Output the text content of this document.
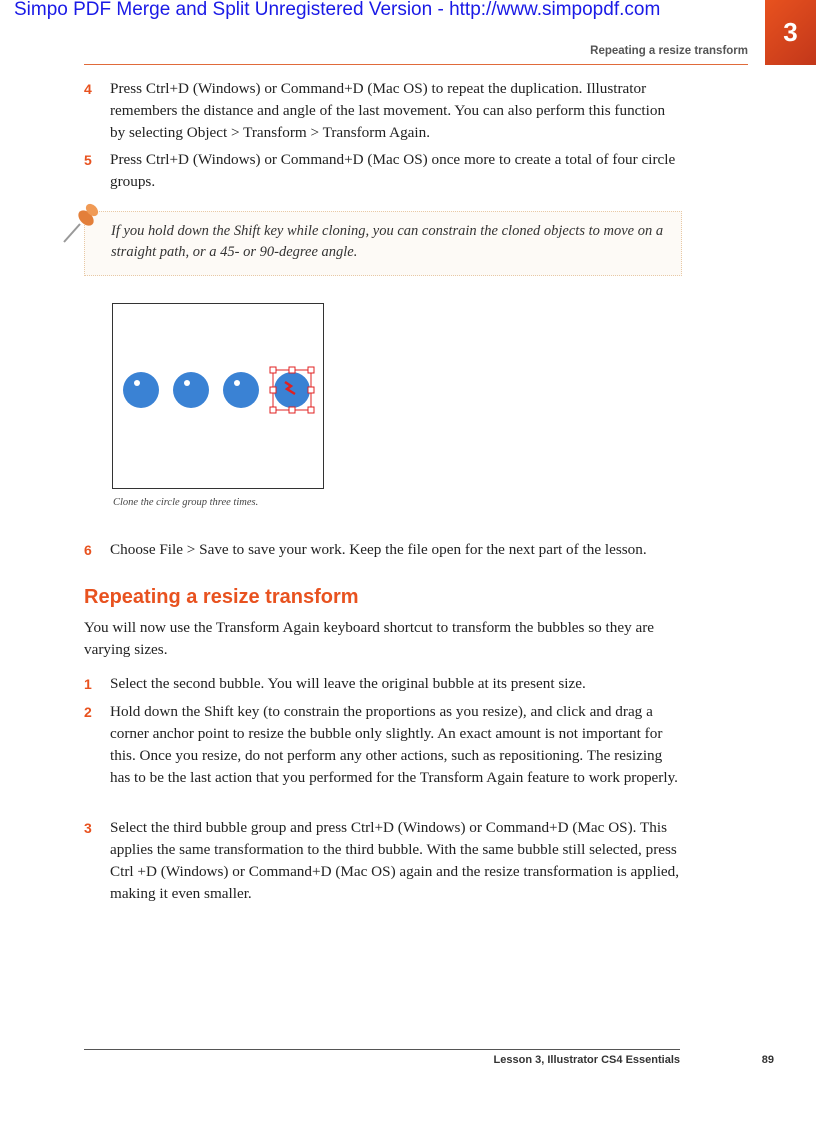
Simpo PDF Merge and Split Unregistered Version - http://www.simpopdf.com
3
Repeating a resize transform
4 Press Ctrl+D (Windows) or Command+D (Mac OS) to repeat the duplication. Illustrator remembers the distance and angle of the last movement. You can also perform this function by selecting Object > Transform > Transform Again.
5 Press Ctrl+D (Windows) or Command+D (Mac OS) once more to create a total of four circle groups.
If you hold down the Shift key while cloning, you can constrain the cloned objects to move on a straight path, or a 45- or 90-degree angle.
Clone the circle group three times.
6 Choose File > Save to save your work. Keep the file open for the next part of the lesson.
Repeating a resize transform
You will now use the Transform Again keyboard shortcut to transform the bubbles so they are varying sizes.
1 Select the second bubble. You will leave the original bubble at its present size.
2 Hold down the Shift key (to constrain the proportions as you resize), and click and drag a corner anchor point to resize the bubble only slightly. An exact amount is not important for this. Once you resize, do not perform any other actions, such as repositioning. The resizing has to be the last action that you performed for the Transform Again feature to work properly.
3 Select the third bubble group and press Ctrl+D (Windows) or Command+D (Mac OS). This applies the same transformation to the third bubble. With the same bubble still selected, press Ctrl +D (Windows) or Command+D (Mac OS) again and the resize transformation is applied, making it even smaller.
Lesson 3, Illustrator CS4 Essentials	89
